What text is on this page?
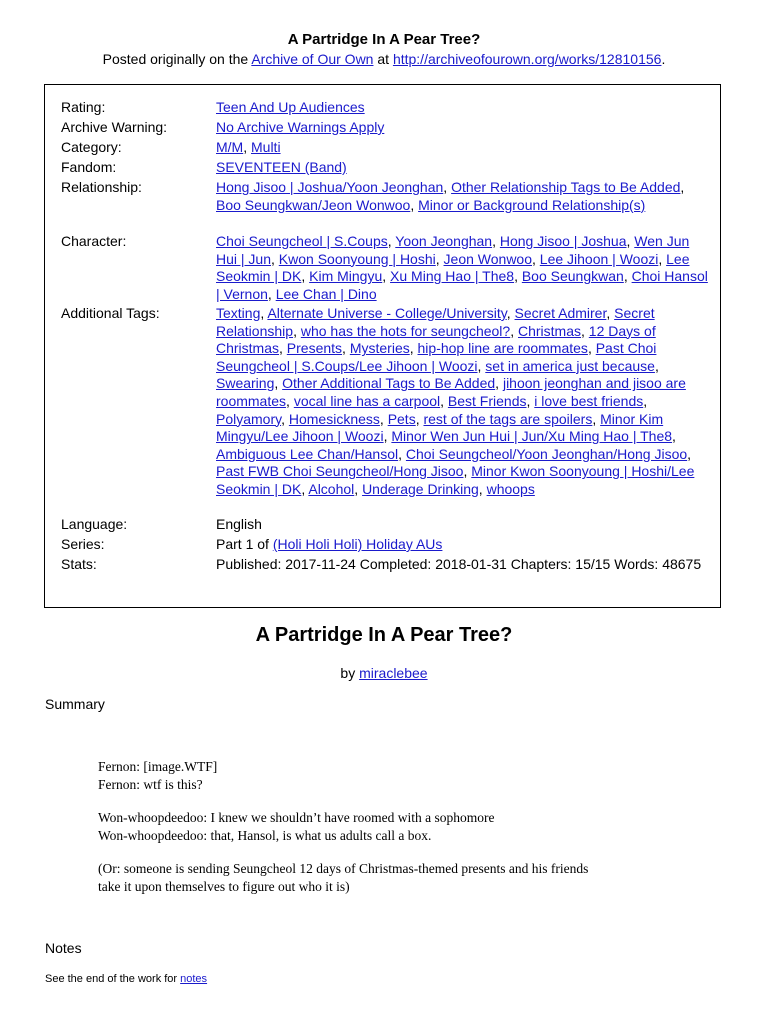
A Partridge In A Pear Tree?
Posted originally on the Archive of Our Own at http://archiveofourown.org/works/12810156.
Rating:	Teen And Up Audiences
Archive Warning:	No Archive Warnings Apply
Category:	M/M, Multi
Fandom:	SEVENTEEN (Band)
Relationship:	Hong Jisoo | Joshua/Yoon Jeonghan, Other Relationship Tags to Be Added, Boo Seungkwan/Jeon Wonwoo, Minor or Background Relationship(s)
Character:	Choi Seungcheol | S.Coups, Yoon Jeonghan, Hong Jisoo | Joshua, Wen Jun Hui | Jun, Kwon Soonyoung | Hoshi, Jeon Wonwoo, Lee Jihoon | Woozi, Lee Seokmin | DK, Kim Mingyu, Xu Ming Hao | The8, Boo Seungkwan, Choi Hansol | Vernon, Lee Chan | Dino
Additional Tags:	Texting, Alternate Universe - College/University, Secret Admirer, Secret Relationship, who has the hots for seungcheol?, Christmas, 12 Days of Christmas, Presents, Mysteries, hip-hop line are roommates, Past Choi Seungcheol | S.Coups/Lee Jihoon | Woozi, set in america just because, Swearing, Other Additional Tags to Be Added, jihoon jeonghan and jisoo are roommates, vocal line has a carpool, Best Friends, i love best friends, Polyamory, Homesickness, Pets, rest of the tags are spoilers, Minor Kim Mingyu/Lee Jihoon | Woozi, Minor Wen Jun Hui | Jun/Xu Ming Hao | The8, Ambiguous Lee Chan/Hansol, Choi Seungcheol/Yoon Jeonghan/Hong Jisoo, Past FWB Choi Seungcheol/Hong Jisoo, Minor Kwon Soonyoung | Hoshi/Lee Seokmin | DK, Alcohol, Underage Drinking, whoops
Language:	English
Series:	Part 1 of (Holi Holi Holi) Holiday AUs
Stats:	Published: 2017-11-24 Completed: 2018-01-31 Chapters: 15/15 Words: 48675
A Partridge In A Pear Tree?
by miraclebee
Summary

Fernon: [image.WTF]
Fernon: wtf is this?

Won-whoopdeedoo: I knew we shouldn’t have roomed with a sophomore
Won-whoopdeedoo: that, Hansol, is what us adults call a box.

(Or: someone is sending Seungcheol 12 days of Christmas-themed presents and his friends
take it upon themselves to figure out who it is)

Notes
See the end of the work for notes
